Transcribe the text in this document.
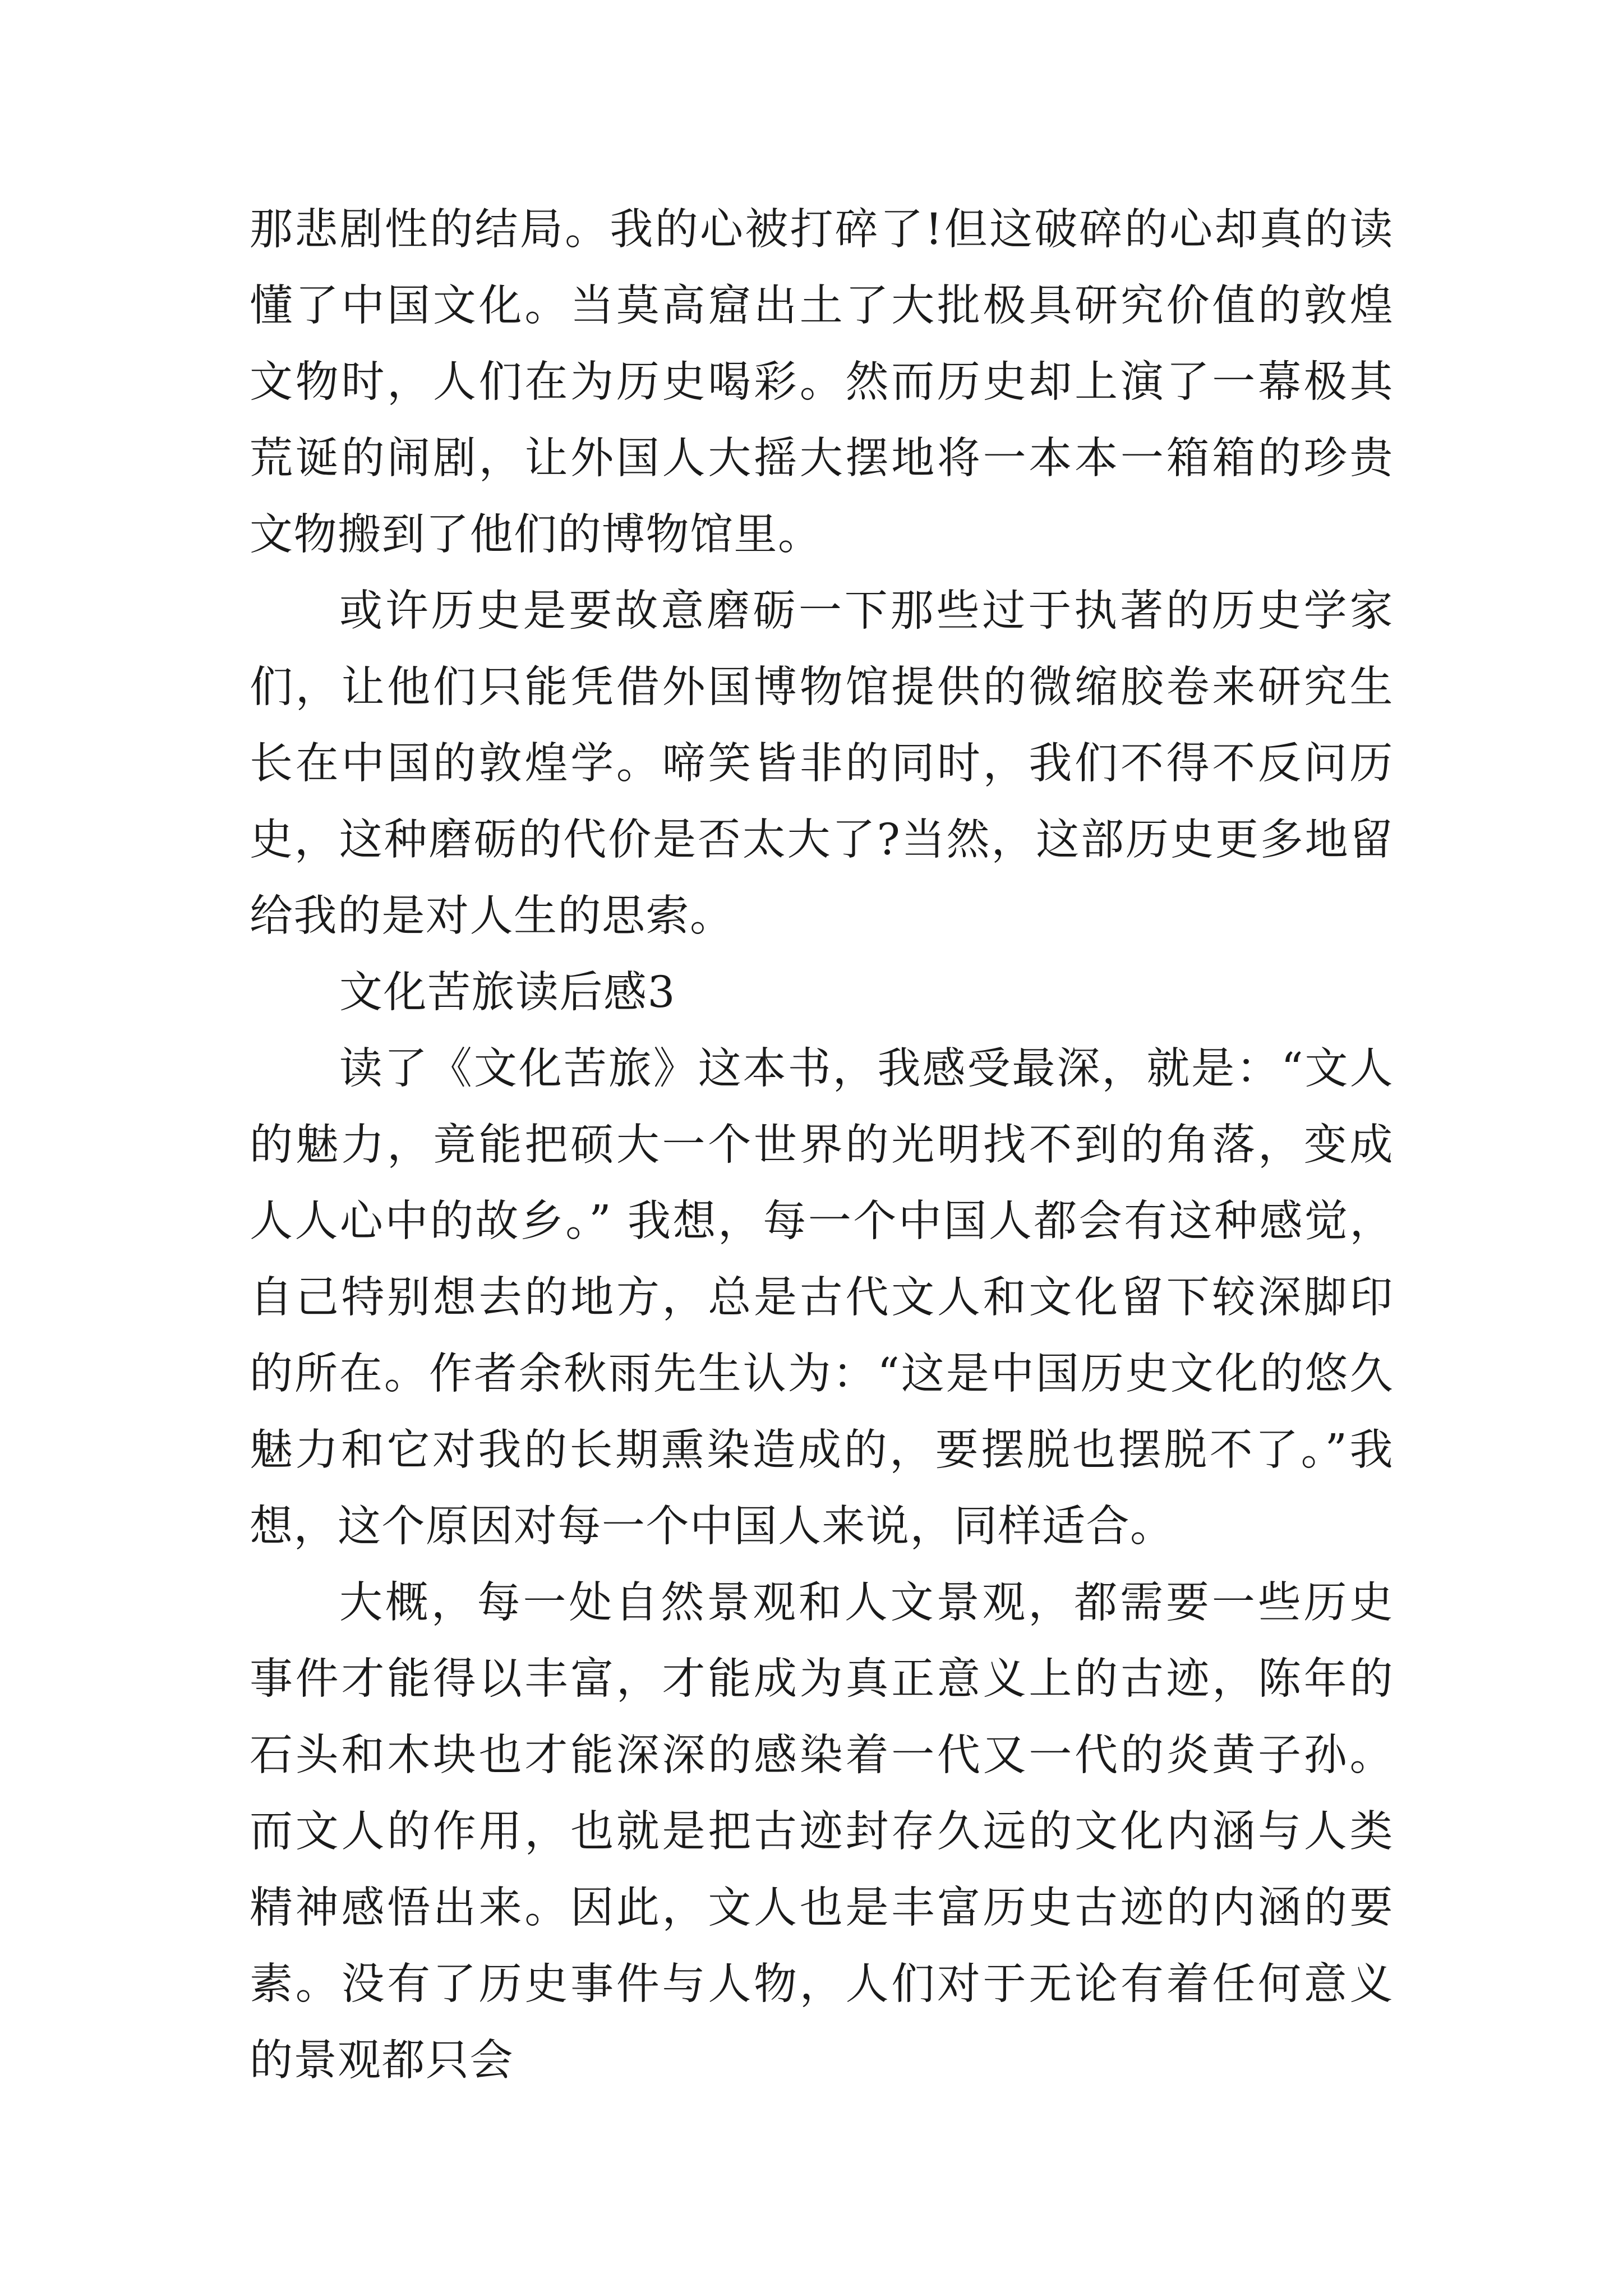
那悲剧性的结局。我的心被打碎了!但这破碎的心却真的读懂了中国文化。当莫高窟出土了大批极具研究价值的敦煌文物时，人们在为历史喝彩。然而历史却上演了一幕极其荒诞的闹剧，让外国人大摇大摆地将一本本一箱箱的珍贵文物搬到了他们的博物馆里。

或许历史是要故意磨砺一下那些过于执著的历史学家们，让他们只能凭借外国博物馆提供的微缩胶卷来研究生长在中国的敦煌学。啼笑皆非的同时，我们不得不反问历史，这种磨砺的代价是否太大了?当然，这部历史更多地留给我的是对人生的思索。

文化苦旅读后感3

读了《文化苦旅》这本书，我感受最深，就是：“文人的魅力，竟能把硕大一个世界的光明找不到的角落，变成人人心中的故乡。” 我想，每一个中国人都会有这种感觉，自己特别想去的地方，总是古代文人和文化留下较深脚印的所在。作者余秋雨先生认为：“这是中国历史文化的悠久魅力和它对我的长期熏染造成的，要摆脱也摆脱不了。”我想，这个原因对每一个中国人来说，同样适合。

大概，每一处自然景观和人文景观，都需要一些历史事件才能得以丰富，才能成为真正意义上的古迹，陈年的石头和木块也才能深深的感染着一代又一代的炎黄子孙。而文人的作用，也就是把古迹封存久远的文化内涵与人类精神感悟出来。因此，文人也是丰富历史古迹的内涵的要素。没有了历史事件与人物，人们对于无论有着任何意义的景观都只会
